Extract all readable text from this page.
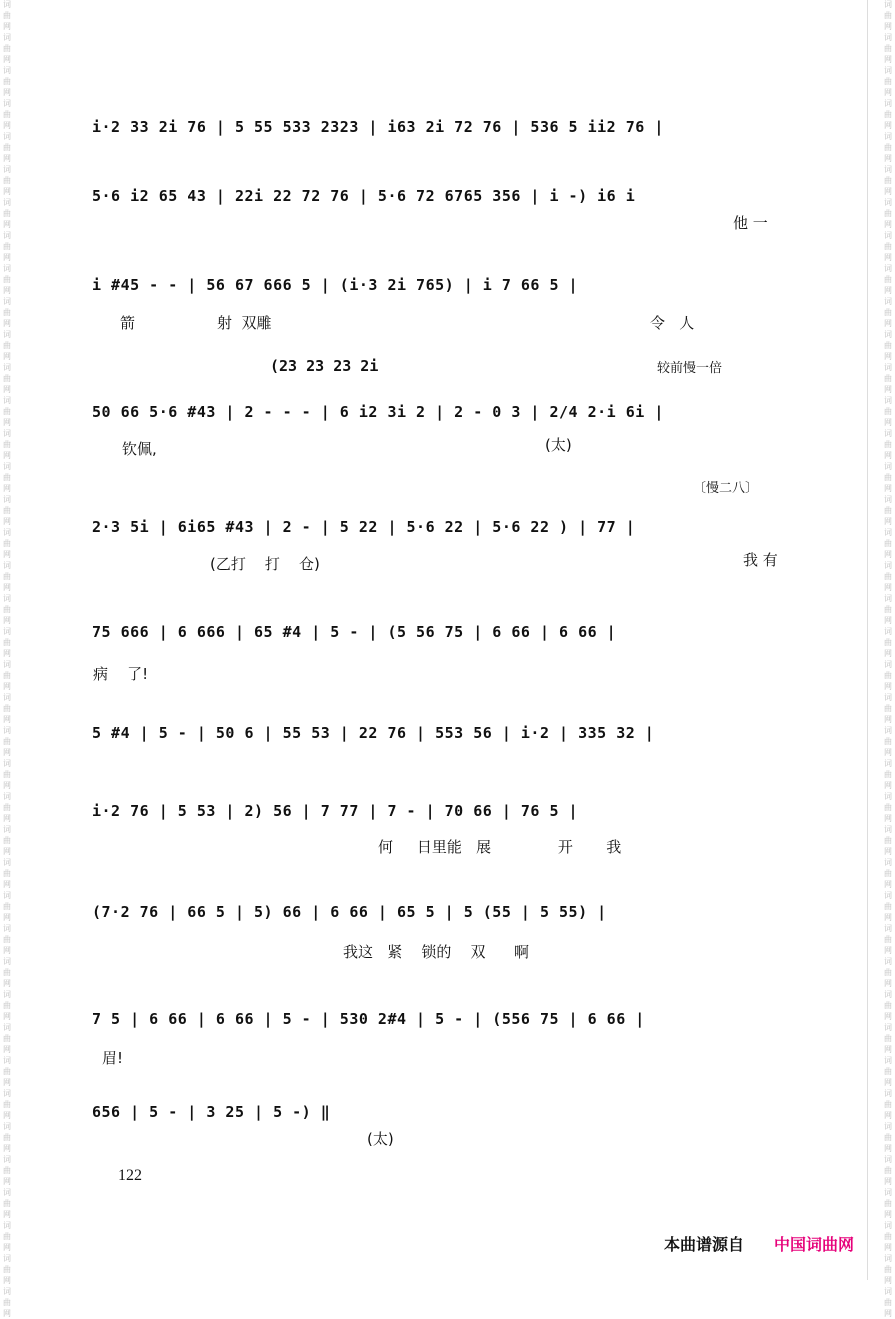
词
曲
网
词
曲
网
词
曲
网
词
曲
网
词
曲
网
词
曲
网
词
曲
网
词
曲
网
词
曲
网
词
曲
网
词
曲
网
词
曲
网
词
曲
网
词
曲
网
词
曲
网
词
曲
网
词
曲
网
词
曲
网
词
曲
网
词
曲
网
词
曲
网
词
曲
网
词
曲
网
词
曲
网
词
曲
网
词
曲
网
词
曲
网
词
曲
网
词
曲
网
词
曲
网
词
曲
网
词
曲
网
词
曲
网
词
曲
网
词
曲
网
词
曲
网
词
曲
网
词
曲
网
词
曲
网
词
曲
网
词
曲
网
词
曲
网
词
曲
网
词
曲
网
词
曲
网
词
曲
网
词
曲
网
词
曲
网
词
曲
网
词
曲
网
词
曲
网
词
曲
网
词
曲
网
词
曲
网
词
曲
网
词
曲
网
词
曲
网
词
曲
网
词
曲
网
词
曲
网
词
曲
网
词
曲
网
词
曲
网
词
曲
网
词
曲
网
词
曲
网
词
曲
网
词
曲
网
词
曲
网
词
曲
网
词
曲
网
词
曲
网
词
曲
网
词
曲
网
词
曲
网
词
曲
网
词
曲
网
词
曲
网
词
曲
网
词
曲
网
i·2 33 2i 76 | 5 55 533 2323 | i63 2i 72 76 | 536 5 ii2 76 |
5·6 i2 65 43 | 22i 22 72 76 | 5·6 72 6765 356 | i -) i6 i
他 一
i #45 - - | 56 67 666 5 | (i·3 2i 765) | i 7 66 5 |
箭	射  双雕	令   人
(23 23 23 2i	较前慢一倍
50 66 5·6 #43 | 2 - - - | 6 i2 3i 2 | 2 - 0 3 | 2/4 2·i 6i |
钦佩,	(太)
〔慢二八〕
2·3 5i | 6i65 #43 | 2 - | 5 22 | 5·6 22 | 5·6 22 ) | 77 |
(乙打    打    仓)	我 有
75 666 | 6 666 | 65 #4 | 5 - | (5 56 75 | 6 66 | 6 66 |
病    了!
5 #4 | 5 - | 50 6 | 55 53 | 22 76 | 553 56 | i·2 | 335 32 |
i·2 76 | 5 53 | 2) 56 | 7 77 | 7 - | 70 66 | 76 5 |
何     日里能   展              开       我
(7·2 76 | 66 5 | 5) 66 | 6 66 | 65 5 | 5 (55 | 5 55) |
我这   紧    锁的    双      啊
7 5 | 6 66 | 6 66 | 5 - | 530 2#4 | 5 - | (556 75 | 6 66 |
眉!
656 | 5 - | 3 25 | 5 -) ‖
(太)
122
本曲谱源自 中国词曲网
